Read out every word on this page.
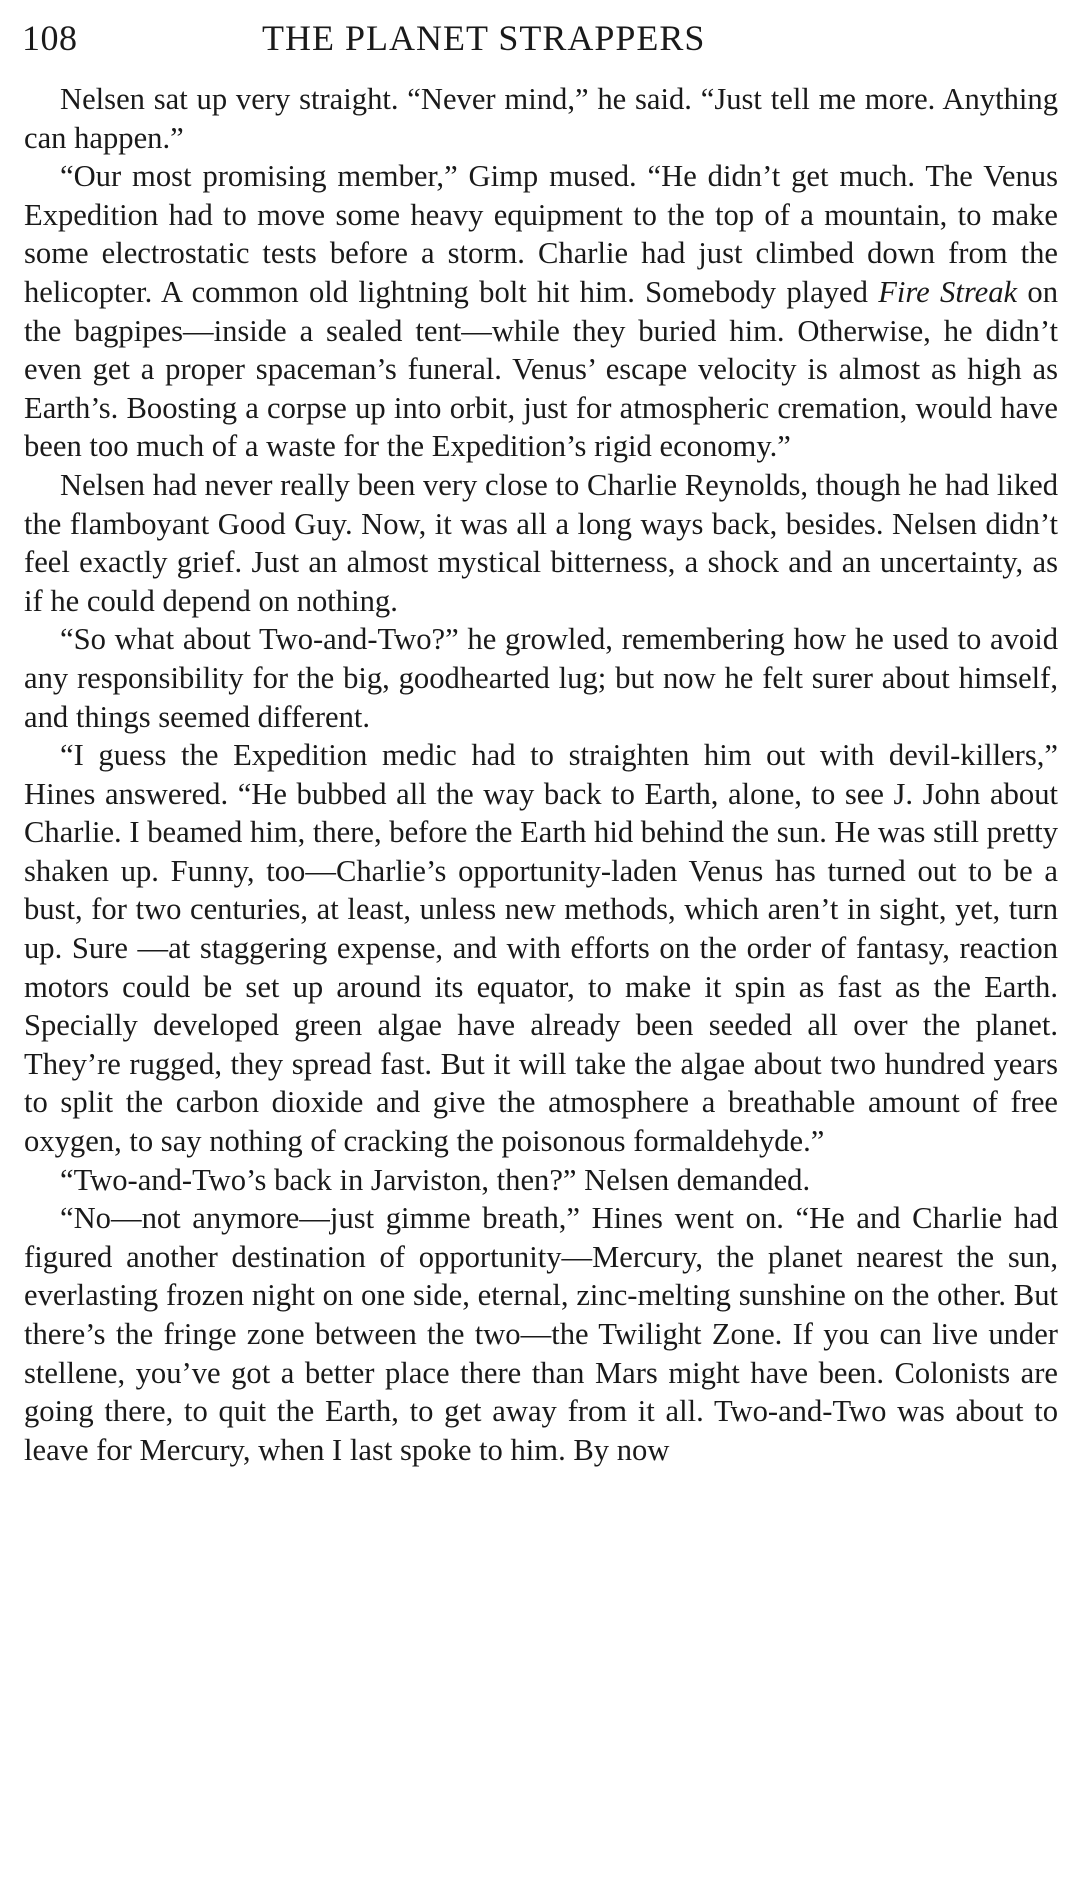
108	THE PLANET STRAPPERS

Nelsen sat up very straight. “Never mind,” he said. “Just tell me more. Anything can happen.”

“Our most promising member,” Gimp mused. “He didn’t get much. The Venus Expedition had to move some heavy equipment to the top of a mountain, to make some electrostatic tests before a storm. Charlie had just climbed down from the helicopter. A common old lightning bolt hit him. Somebody played Fire Streak on the bagpipes—inside a sealed tent—while they buried him. Otherwise, he didn’t even get a proper spaceman’s funeral. Venus’ escape velocity is almost as high as Earth’s. Boosting a corpse up into orbit, just for atmospheric cremation, would have been too much of a waste for the Expedition’s rigid economy.”

Nelsen had never really been very close to Charlie Reynolds, though he had liked the flamboyant Good Guy. Now, it was all a long ways back, besides. Nelsen didn’t feel exactly grief. Just an almost mystical bitterness, a shock and an uncertainty, as if he could depend on nothing.

“So what about Two-and-Two?” he growled, remembering how he used to avoid any responsibility for the big, goodhearted lug; but now he felt surer about himself, and things seemed different.

“I guess the Expedition medic had to straighten him out with devil-killers,” Hines answered. “He bubbed all the way back to Earth, alone, to see J. John about Charlie. I beamed him, there, before the Earth hid behind the sun. He was still pretty shaken up. Funny, too—Charlie’s opportunity-laden Venus has turned out to be a bust, for two centuries, at least, unless new methods, which aren’t in sight, yet, turn up. Sure —at staggering expense, and with efforts on the order of fantasy, reaction motors could be set up around its equator, to make it spin as fast as the Earth. Specially developed green algae have already been seeded all over the planet. They’re rugged, they spread fast. But it will take the algae about two hundred years to split the carbon dioxide and give the atmosphere a breathable amount of free oxygen, to say nothing of cracking the poisonous formaldehyde.”

“Two-and-Two’s back in Jarviston, then?” Nelsen demanded.

“No—not anymore—just gimme breath,” Hines went on. “He and Charlie had figured another destination of opportunity—Mercury, the planet nearest the sun, everlasting frozen night on one side, eternal, zinc-melting sunshine on the other. But there’s the fringe zone between the two—the Twilight Zone. If you can live under stellene, you’ve got a better place there than Mars might have been. Colonists are going there, to quit the Earth, to get away from it all. Two-and-Two was about to leave for Mercury, when I last spoke to him. By now
